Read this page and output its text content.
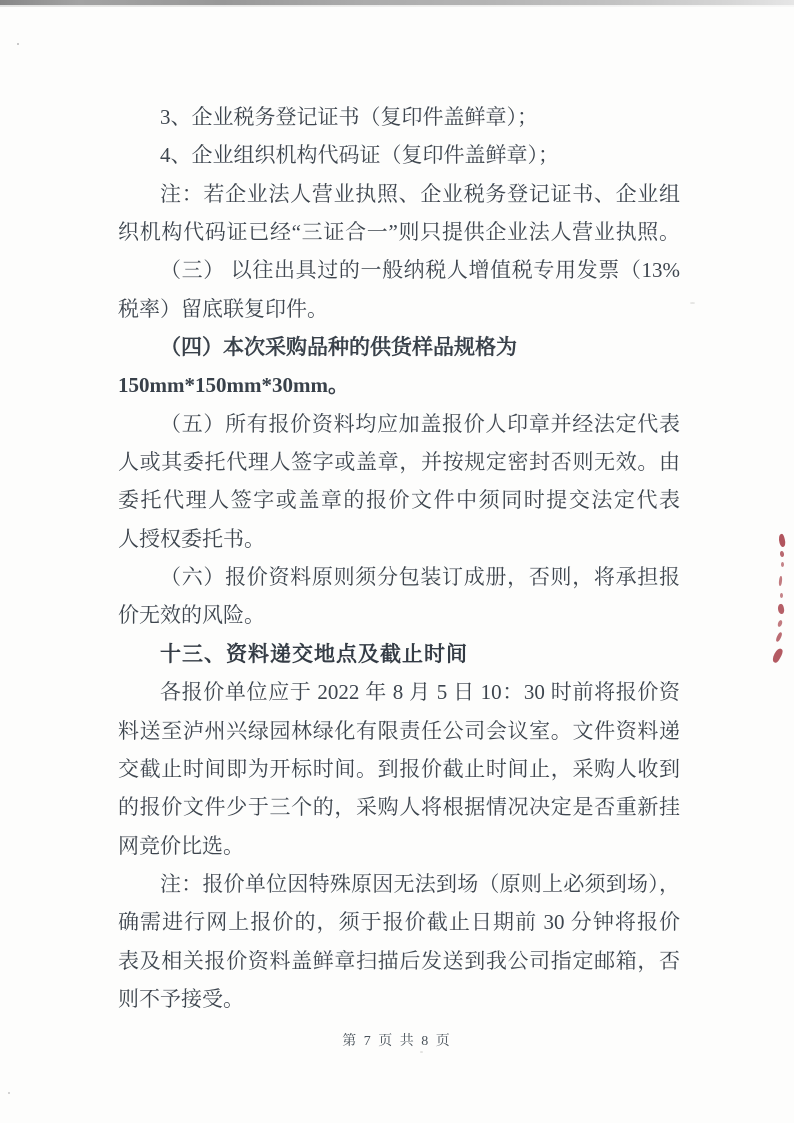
3、企业税务登记证书（复印件盖鲜章）；
4、企业组织机构代码证（复印件盖鲜章）；
注：若企业法人营业执照、企业税务登记证书、企业组
织机构代码证已经“三证合一”则只提供企业法人营业执照。
（三） 以往出具过的一般纳税人增值税专用发票（13%
税率）留底联复印件。
（四）本次采购品种的供货样品规格为
150mm*150mm*30mm。
（五）所有报价资料均应加盖报价人印章并经法定代表
人或其委托代理人签字或盖章，并按规定密封否则无效。由
委托代理人签字或盖章的报价文件中须同时提交法定代表
人授权委托书。
（六）报价资料原则须分包装订成册，否则，将承担报
价无效的风险。
十三、资料递交地点及截止时间
各报价单位应于 2022 年 8 月 5 日 10：30 时前将报价资
料送至泸州兴绿园林绿化有限责任公司会议室。文件资料递
交截止时间即为开标时间。到报价截止时间止，采购人收到
的报价文件少于三个的，采购人将根据情况决定是否重新挂
网竞价比选。
注：报价单位因特殊原因无法到场（原则上必须到场），
确需进行网上报价的，须于报价截止日期前 30 分钟将报价
表及相关报价资料盖鲜章扫描后发送到我公司指定邮箱，否
则不予接受。
第 7 页 共 8 页
